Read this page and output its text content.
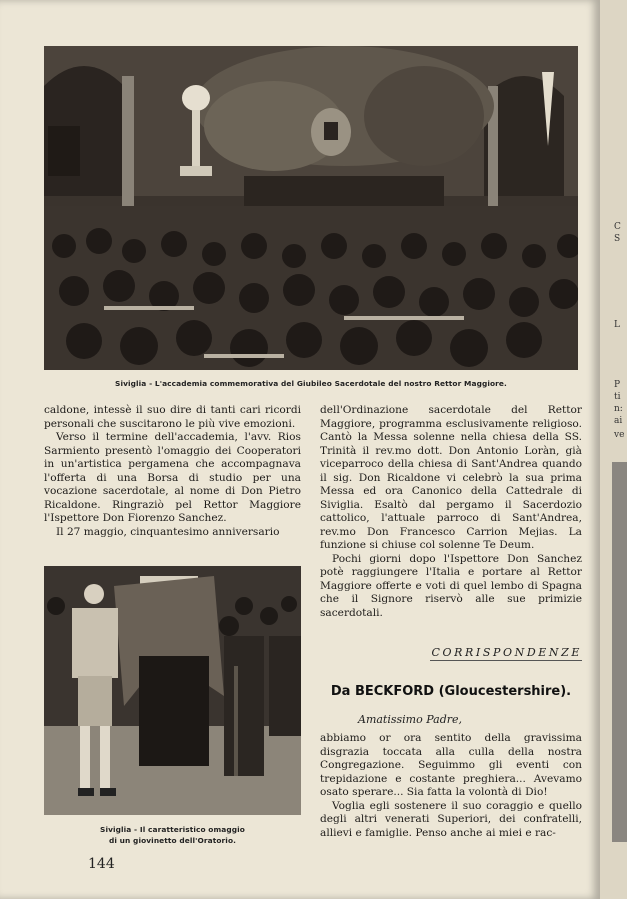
Siviglia - L'accademia commemorativa del Giubileo Sacerdotale del nostro Rettor Maggiore.

caldone, intessè il suo dire di tanti cari ricordi personali che suscitarono le più vive emozioni.

Verso il termine dell'accademia, l'avv. Rios Sarmiento presentò l'omaggio dei Cooperatori in un'artistica pergamena che accompagnava l'offerta di una Borsa di studio per una vocazione sacerdotale, al nome di Don Pietro Ricaldone. Ringraziò pel Rettor Maggiore l'Ispettore Don Fiorenzo Sanchez.

Il 27 maggio, cinquantesimo anniversario

Siviglia - Il caratteristico omaggio
di un giovinetto dell'Oratorio.

dell'Ordinazione sacerdotale del Rettor Maggiore, programma esclusivamente religioso. Cantò la Messa solenne nella chiesa della SS. Trinità il rev.mo dott. Don Antonio Loràn, già viceparroco della chiesa di Sant'Andrea quando il sig. Don Ricaldone vi celebrò la sua prima Messa ed ora Canonico della Cattedrale di Siviglia. Esaltò dal pergamo il Sacerdozio cattolico, l'attuale parroco di Sant'Andrea, rev.mo Don Francesco Carrion Mejias. La funzione si chiuse col solenne Te Deum.

Pochi giorni dopo l'Ispettore Don Sanchez potè raggiungere l'Italia e portare al Rettor Maggiore offerte e voti di quel lembo di Spagna che il Signore riservò alle sue primizie sacerdotali.

CORRISPONDENZE
Da BECKFORD (Gloucestershire).
Amatissimo Padre,

abbiamo or ora sentito della gravissima disgrazia toccata alla culla della nostra Congregazione. Seguimmo gli eventi con trepidazione e costante preghiera... Avevamo osato sperare... Sia fatta la volontà di Dio!

Voglia egli sostenere il suo coraggio e quello degli altri venerati Superiori, dei confratelli, allievi e famiglie. Penso anche ai miei e rac-

144
C
S
L
P
ti
n:
ai
ve
